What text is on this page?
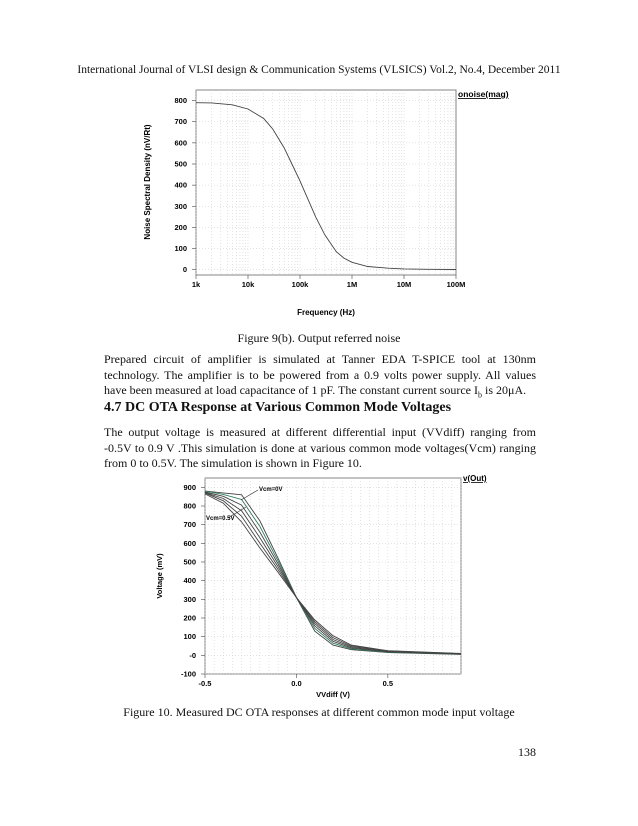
International Journal of VLSI design & Communication Systems (VLSICS) Vol.2, No.4, December 2011
0
100
200
300
400
500
600
700
800
1k	10k	100k	1M	10M	100M
onoise(mag)
Frequency (Hz)
Noise Spectral Density (nV/Rt)
Figure 9(b). Output referred noise
Prepared circuit of amplifier is simulated at Tanner EDA T-SPICE tool at 130nm technology. The amplifier is to be powered from a 0.9 volts power supply. All values have been measured at load capacitance of 1 pF. The constant current source $I_b$ is 20μA.
4.7 DC OTA Response at Various Common Mode Voltages
The output voltage is measured at different differential input (VVdiff) ranging from -0.5V to 0.9 V .This simulation is done at various common mode voltages(Vcm) ranging from 0 to 0.5V. The simulation is shown in Figure 10.
-100
-0
100
200
300
400
500
600
700
800
900
-0.5	0.0	0.5
v(Out)
VVdiff (V)
Voltage (mV)
Vcm=0V
Vcm=0.5V
Figure 10. Measured DC OTA responses at different common mode input voltage
138
